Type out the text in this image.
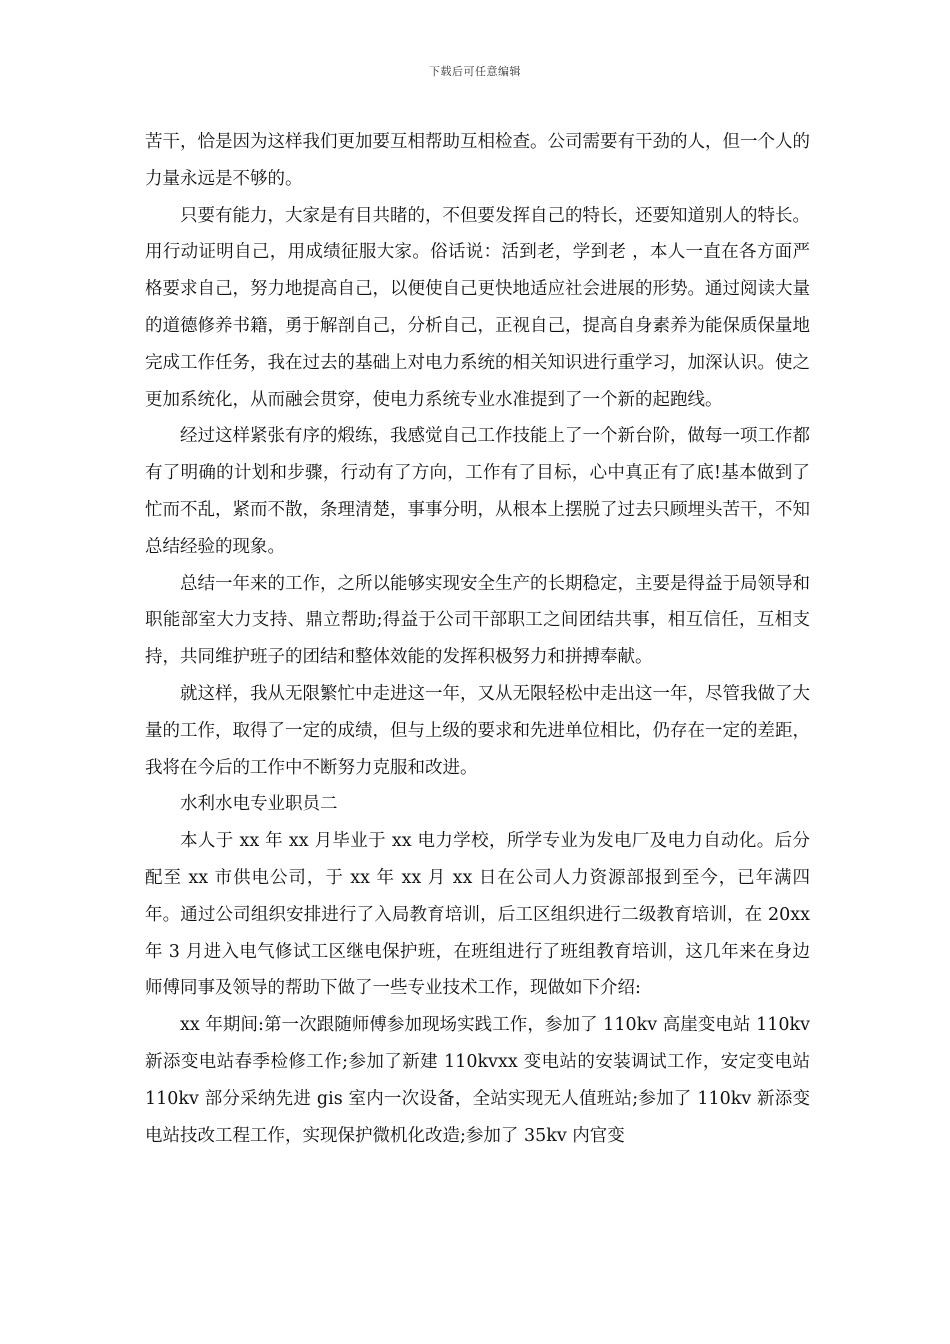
下载后可任意编辑

苦干，恰是因为这样我们更加要互相帮助互相检查。公司需要有干劲的人，但一个人的力量永远是不够的。

只要有能力，大家是有目共睹的，不但要发挥自己的特长，还要知道别人的特长。用行动证明自己，用成绩征服大家。俗话说：活到老，学到老 ，本人一直在各方面严格要求自己，努力地提高自己，以便使自己更快地适应社会进展的形势。通过阅读大量的道德修养书籍，勇于解剖自己，分析自己，正视自己，提高自身素养为能保质保量地完成工作任务，我在过去的基础上对电力系统的相关知识进行重学习，加深认识。使之更加系统化，从而融会贯穿，使电力系统专业水准提到了一个新的起跑线。

经过这样紧张有序的煅练，我感觉自己工作技能上了一个新台阶，做每一项工作都有了明确的计划和步骤，行动有了方向，工作有了目标，心中真正有了底!基本做到了忙而不乱，紧而不散，条理清楚，事事分明，从根本上摆脱了过去只顾埋头苦干，不知总结经验的现象。

总结一年来的工作，之所以能够实现安全生产的长期稳定，主要是得益于局领导和职能部室大力支持、鼎立帮助;得益于公司干部职工之间团结共事，相互信任，互相支持，共同维护班子的团结和整体效能的发挥积极努力和拼搏奉献。

就这样，我从无限繁忙中走进这一年，又从无限轻松中走出这一年，尽管我做了大量的工作，取得了一定的成绩，但与上级的要求和先进单位相比，仍存在一定的差距，我将在今后的工作中不断努力克服和改进。

水利水电专业职员二

本人于 xx 年 xx 月毕业于 xx 电力学校，所学专业为发电厂及电力自动化。后分配至 xx 市供电公司，于 xx 年 xx 月 xx 日在公司人力资源部报到至今，已年满四年。通过公司组织安排进行了入局教育培训，后工区组织进行二级教育培训，在 20xx 年 3 月进入电气修试工区继电保护班，在班组进行了班组教育培训，这几年来在身边师傅同事及领导的帮助下做了一些专业技术工作，现做如下介绍:

xx 年期间:第一次跟随师傅参加现场实践工作，参加了 110kv 高崖变电站 110kv 新添变电站春季检修工作;参加了新建 110kvxx 变电站的安装调试工作，安定变电站 110kv 部分采纳先进 gis 室内一次设备，全站实现无人值班站;参加了 110kv 新添变电站技改工程工作，实现保护微机化改造;参加了 35kv 内官变
